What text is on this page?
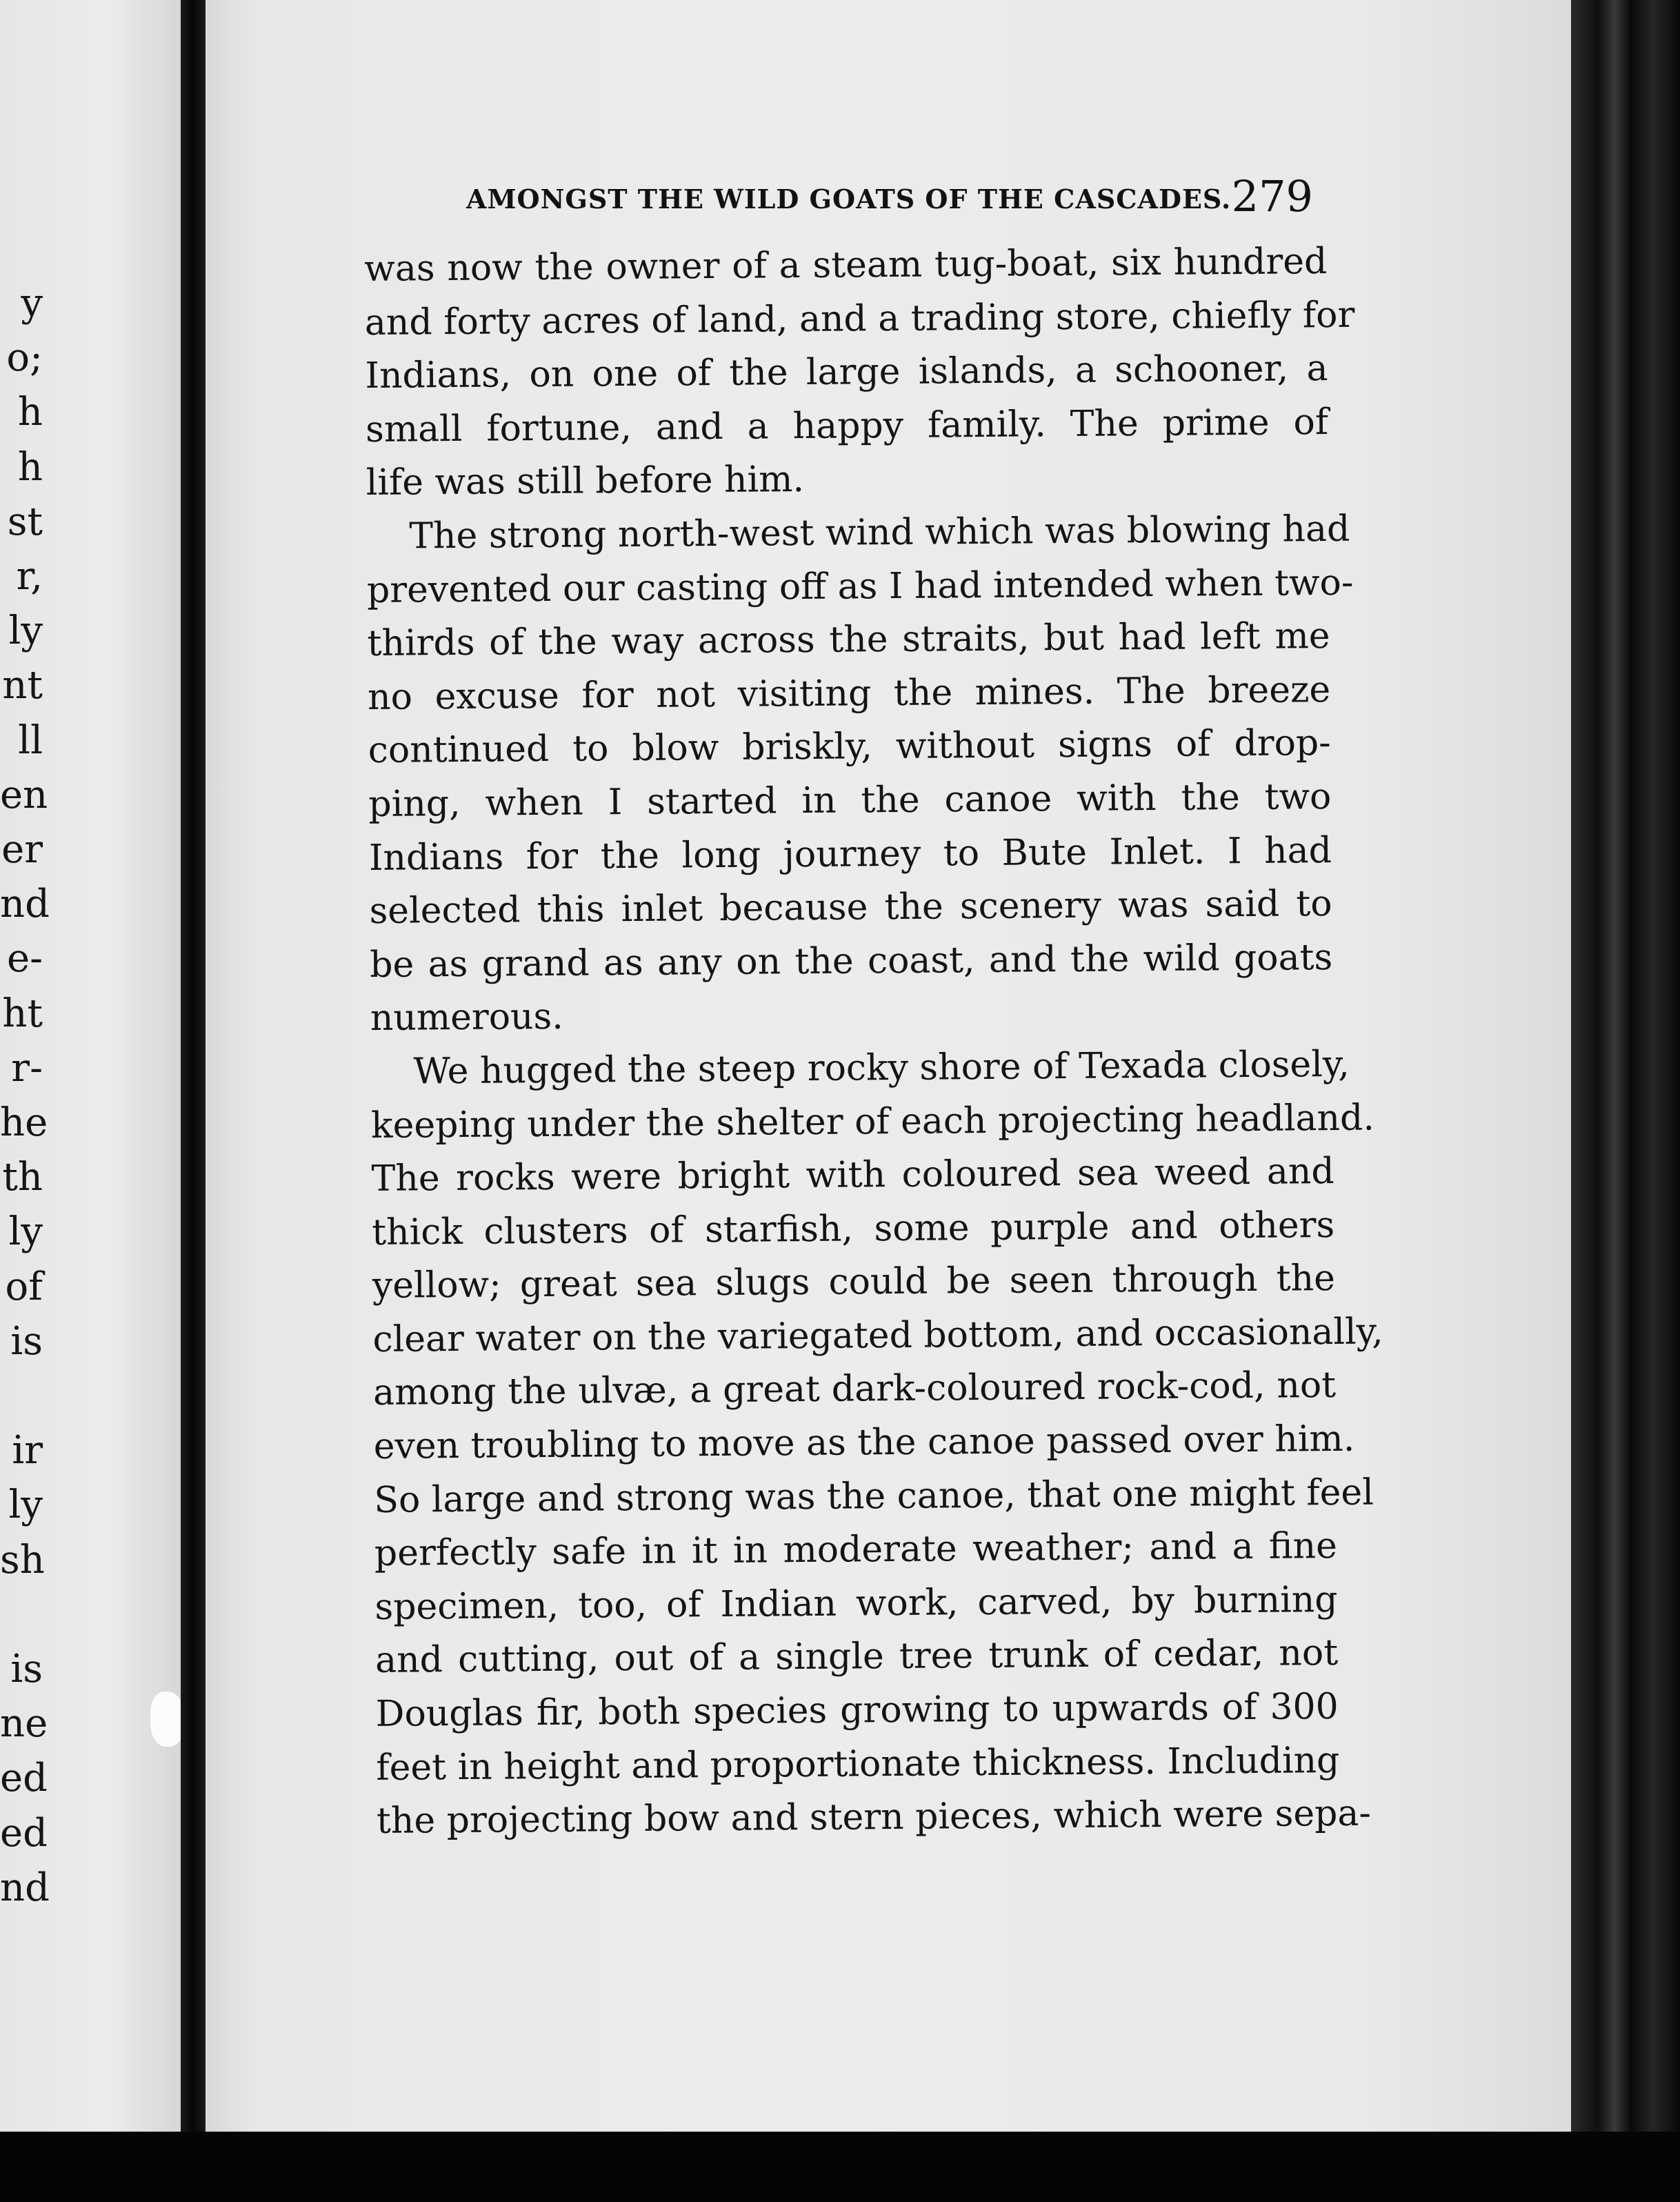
AMONGST THE WILD GOATS OF THE CASCADES. 279
was now the owner of a steam tug-boat, six hundred
and forty acres of land, and a trading store, chiefly for
Indians, on one of the large islands, a schooner, a
small fortune, and a happy family. The prime of
life was still before him.
The strong north-west wind which was blowing had
prevented our casting off as I had intended when two-
thirds of the way across the straits, but had left me
no excuse for not visiting the mines. The breeze
continued to blow briskly, without signs of drop-
ping, when I started in the canoe with the two
Indians for the long journey to Bute Inlet. I had
selected this inlet because the scenery was said to
be as grand as any on the coast, and the wild goats
numerous.
We hugged the steep rocky shore of Texada closely,
keeping under the shelter of each projecting headland.
The rocks were bright with coloured sea weed and
thick clusters of starfish, some purple and others
yellow; great sea slugs could be seen through the
clear water on the variegated bottom, and occasionally,
among the ulvæ, a great dark-coloured rock-cod, not
even troubling to move as the canoe passed over him.
So large and strong was the canoe, that one might feel
perfectly safe in it in moderate weather; and a fine
specimen, too, of Indian work, carved, by burning
and cutting, out of a single tree trunk of cedar, not
Douglas fir, both species growing to upwards of 300
feet in height and proportionate thickness. Including
the projecting bow and stern pieces, which were sepa-
y
o;
h
h
st
r,
ly
nt
ll
en
er
nd
e-
ht
r-
he
th
ly
of
is
ir
ly
sh
is
ne
ed
ed
nd
